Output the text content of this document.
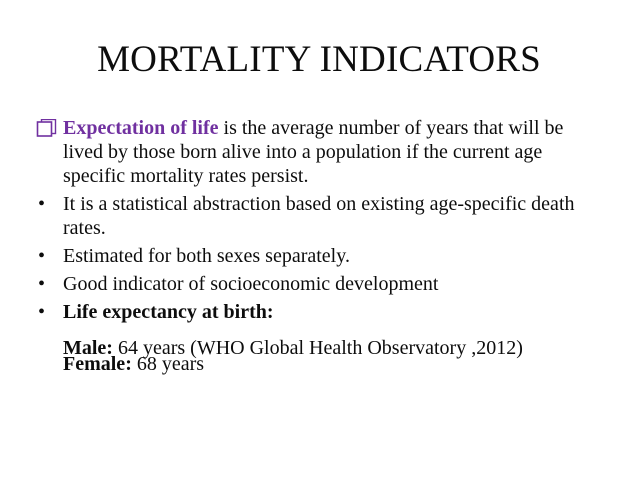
MORTALITY INDICATORS
Expectation of life is the average number of years that will be lived by those born alive into a population if the current age specific mortality rates persist.
• It is a statistical abstraction based on existing age-specific death rates.
• Estimated for both sexes separately.
• Good indicator of socioeconomic development
• Life expectancy at birth:
Male: 64 years (WHO Global Health Observatory ,2012)
Female: 68 years
